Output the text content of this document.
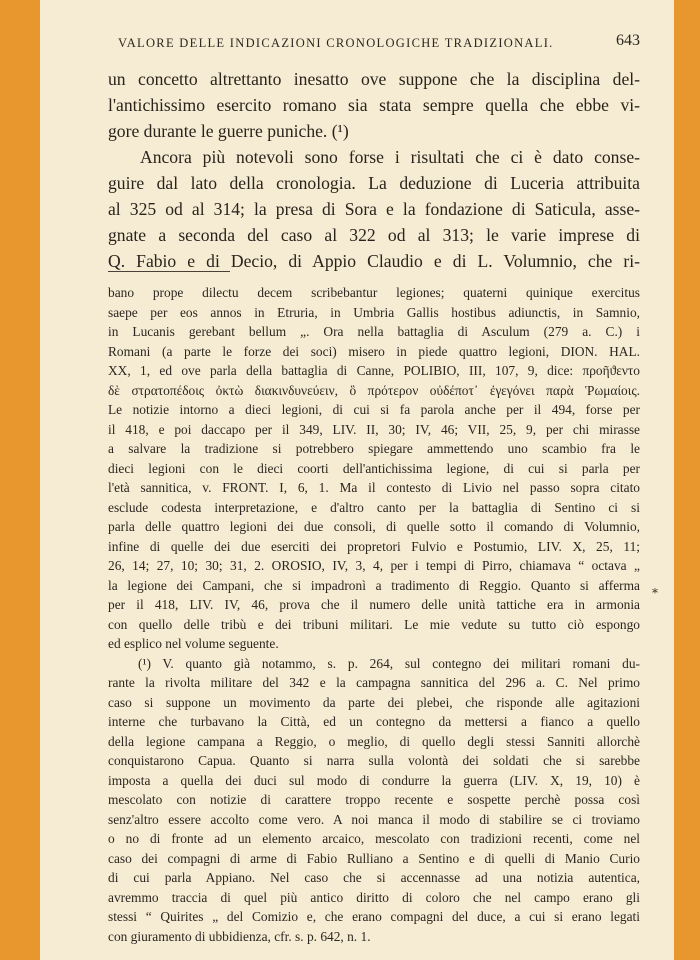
VALORE DELLE INDICAZIONI CRONOLOGICHE TRADIZIONALI.	643
un concetto altrettanto inesatto ove suppone che la disciplina del-
l'antichissimo esercito romano sia stata sempre quella che ebbe vi-
gore durante le guerre puniche. (¹)
Ancora più notevoli sono forse i risultati che ci è dato conse-
guire dal lato della cronologia. La deduzione di Luceria attribuita
al 325 od al 314; la presa di Sora e la fondazione di Saticula, asse-
gnate a seconda del caso al 322 od al 313; le varie imprese di
Q. Fabio e di Decio, di Appio Claudio e di L. Volumnio, che ri-
bano prope dilectu decem scribebantur legiones; quaterni quinique exercitus
saepe per eos annos in Etruria, in Umbria Gallis hostibus adiunctis, in Samnio,
in Lucanis gerebant bellum „. Ora nella battaglia di Asculum (279 a. C.) i
Romani (a parte le forze dei soci) misero in piede quattro legioni, DION. HAL.
XX, 1, ed ove parla della battaglia di Canne, POLIBIO, III, 107, 9, dice: προῆϑεντο
δὲ στρατοπέδοις ὀκτὼ διακινδυνεύειν, ὃ πρότερον οὐδέποτ᾽ ἐγεγόνει παρὰ Ῥωμαίοις.
Le notizie intorno a dieci legioni, di cui si fa parola anche per il 494, forse per
il 418, e poi daccapo per il 349, LIV. II, 30; IV, 46; VII, 25, 9, per chi mirasse
a salvare la tradizione si potrebbero spiegare ammettendo uno scambio fra le
dieci legioni con le dieci coorti dell'antichissima legione, di cui si parla per
l'età sannitica, v. FRONT. I, 6, 1. Ma il contesto di Livio nel passo sopra citato
esclude codesta interpretazione, e d'altro canto per la battaglia di Sentino ci si
parla delle quattro legioni dei due consoli, di quelle sotto il comando di Volumnio,
infine di quelle dei due eserciti dei propretori Fulvio e Postumio, LIV. X, 25, 11;
26, 14; 27, 10; 30; 31, 2. OROSIO, IV, 3, 4, per i tempi di Pirro, chiamava “ octava „
la legione dei Campani, che si impadronì a tradimento di Reggio. Quanto si afferma
per il 418, LIV. IV, 46, prova che il numero delle unità tattiche era in armonia
con quello delle tribù e dei tribuni militari. Le mie vedute su tutto ciò espongo
ed esplico nel volume seguente.
(¹) V. quanto già notammo, s. p. 264, sul contegno dei militari romani du-
rante la rivolta militare del 342 e la campagna sannitica del 296 a. C. Nel primo
caso si suppone un movimento da parte dei plebei, che risponde alle agitazioni
interne che turbavano la Città, ed un contegno da mettersi a fianco a quello
della legione campana a Reggio, o meglio, di quello degli stessi Sanniti allorchè
conquistarono Capua. Quanto si narra sulla volontà dei soldati che si sarebbe
imposta a quella dei duci sul modo di condurre la guerra (LIV. X, 19, 10) è
mescolato con notizie di carattere troppo recente e sospette perchè possa così
senz'altro essere accolto come vero. A noi manca il modo di stabilire se ci troviamo
o no di fronte ad un elemento arcaico, mescolato con tradizioni recenti, come nel
caso dei compagni di arme di Fabio Rulliano a Sentino e di quelli di Manio Curio
di cui parla Appiano. Nel caso che si accennasse ad una notizia autentica,
avremmo traccia di quel più antico diritto di coloro che nel campo erano gli
stessi “ Quirites „ del Comizio e, che erano compagni del duce, a cui si erano legati
con giuramento di ubbidienza, cfr. s. p. 642, n. 1.
*
